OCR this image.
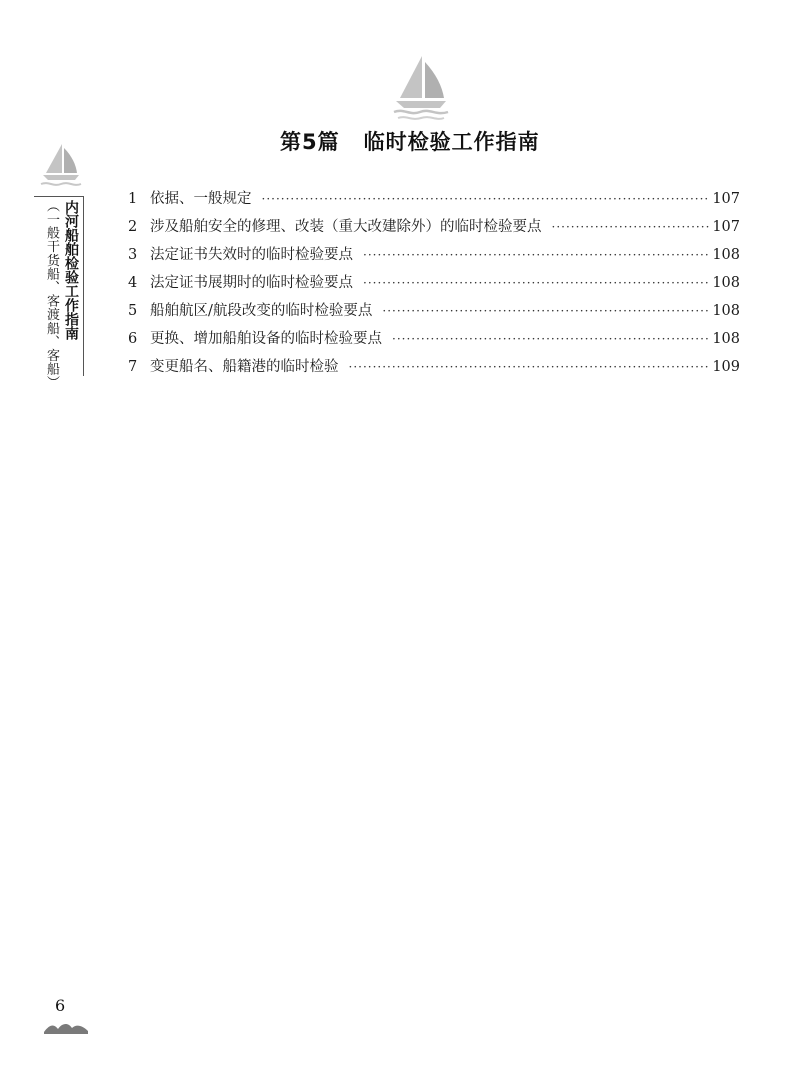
第5篇 临时检验工作指南
内河船舶检验工作指南
（一般干货船、客渡船、客船）	1 依据、一般规定 ·····	107
2 涉及船舶安全的修理、改装（重大改建除外）的临时检验要点 ·····	107
3 法定证书失效时的临时检验要点 ·····	108
4 法定证书展期时的临时检验要点 ·····	108
5 船舶航区/航段改变的临时检验要点 ·····	108
6 更换、增加船舶设备的临时检验要点 ·····	108
7 变更船名、船籍港的临时检验 ·····	109
6
